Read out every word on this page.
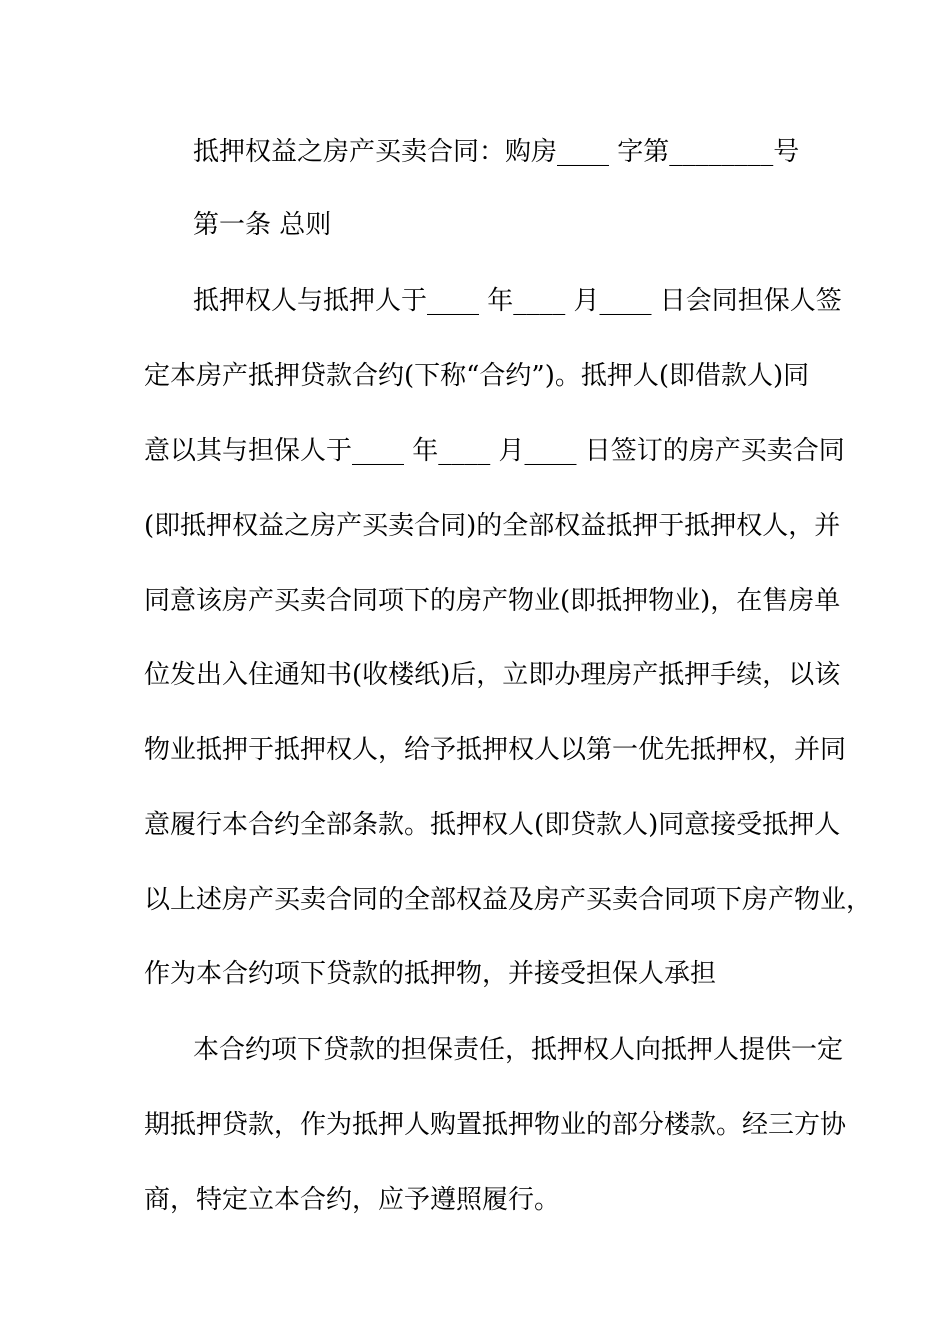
抵押权益之房产买卖合同：购房____ 字第________号
第一条 总则
抵押权人与抵押人于____ 年____ 月____ 日会同担保人签
定本房产抵押贷款合约(下称“合约”)。抵押人(即借款人)同
意以其与担保人于____ 年____ 月____ 日签订的房产买卖合同
(即抵押权益之房产买卖合同)的全部权益抵押于抵押权人，并
同意该房产买卖合同项下的房产物业(即抵押物业)，在售房单
位发出入住通知书(收楼纸)后，立即办理房产抵押手续，以该
物业抵押于抵押权人，给予抵押权人以第一优先抵押权，并同
意履行本合约全部条款。抵押权人(即贷款人)同意接受抵押人
以上述房产买卖合同的全部权益及房产买卖合同项下房产物业，
作为本合约项下贷款的抵押物，并接受担保人承担
本合约项下贷款的担保责任，抵押权人向抵押人提供一定
期抵押贷款，作为抵押人购置抵押物业的部分楼款。经三方协
商，特定立本合约，应予遵照履行。
